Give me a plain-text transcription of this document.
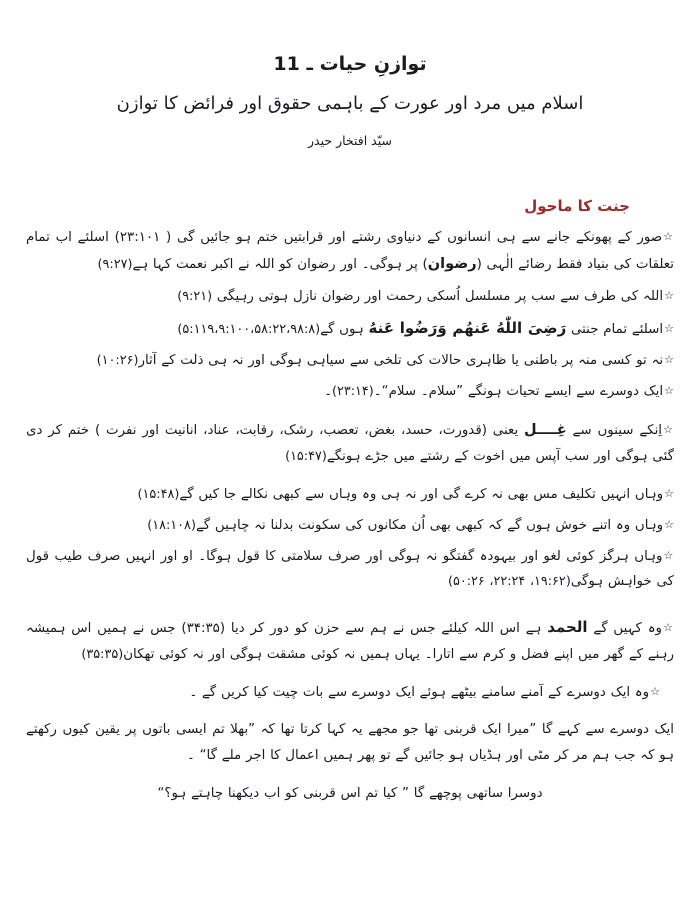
توازنِ حیات ـ 11
اسلام میں مرد اور عورت کے باہمی حقوق اور فرائض کا توازن
سیّد افتخار حیدر
جنت کا ماحول

☆صور کے پھونکے جانے سے ہی انسانوں کے دنیاوی رشتے اور قرابتیں ختم ہو جائیں گی ( ۲۳:۱۰۱) اسلئے اب تمام تعلقات کی بنیاد فقط رضائے الٰہی (رضوان) پر ہوگی۔ اور رضوان کو اللہ نے اکبر نعمت کہا ہے(۹:۲۷)

☆اللہ کی طرف سے سب پر مسلسل اُسکی رحمت اور رضوان نازل ہوتی رہیگی (۹:۲۱)

☆اسلئے تمام جنتی رَضِیَ اللّٰهُ عَنهُم وَرَضُوا عَنهُ ہوں گے(۵:۱۱۹،۹:۱۰۰،۵۸:۲۲،۹۸:۸)

☆نہ تو کسی منہ پر باطنی یا ظاہری حالات کی تلخی سے سیاہی ہوگی اور نہ ہی ذلت کے آثار(۱۰:۲۶)

☆ایک دوسرے سے ایسے تحیات ہونگے ”سلام۔ سلام“۔(۲۳:۱۴)۔

☆اِنکے سینوں سے غِــــل یعنی (قدورت، حسد، بغض، تعصب، رشک، رقابت، عناد، انانیت اور نفرت ) ختم کر دی گئی ہوگی اور سب آپس میں اخوت کے رشتے میں جڑے ہونگے(۱۵:۴۷)

☆وہاں انہیں تکلیف مس بھی نہ کرے گی اور نہ ہی وہ وہاں سے کبھی نکالے جا کیں گے(۱۵:۴۸)

☆وہاں وہ اتنے خوش ہوں گے کہ کبھی بھی اُن مکانوں کی سکونت بدلنا نہ چاہیں گے(۱۸:۱۰۸)

☆وہاں ہرگز کوئی لغو اور بیہودہ گفتگو نہ ہوگی اور صرف سلامتی کا قول ہوگا۔ او اور انہیں صرف طیب قول کی خواہش ہوگی(۱۹:۶۲، ۲۲:۲۴، ۵۰:۲۶)

☆وہ کہیں گے الحمد ہے اس اللہ کیلئے جس نے ہم سے حزن کو دور کر دیا (۳۴:۳۵) جس نے ہمیں اس ہمیشہ رہنے کے گھر میں اپنے فضل و کرم سے اتارا۔ یہاں ہمیں نہ کوئی مشقت ہوگی اور نہ کوئی تھکان(۳۵:۳۵)

☆وہ ایک دوسرے کے آمنے سامنے بیٹھے ہوئے ایک دوسرے سے بات چیت کیا کریں گے ۔

ایک دوسرے سے کہے گا ”میرا ایک قربنی تھا جو مجھے یہ کہا کرتا تھا کہ ”بھلا تم ایسی باتوں پر یقین کیوں رکھتے ہو کہ جب ہم مر کر مٹی اور ہڈیاں ہو جائیں گے تو پھر ہمیں اعمال کا اجر ملے گا“ ۔

دوسرا ساتھی پوچھے گا ” کیا تم اس قربنی کو اب دیکھنا چاہتے ہو؟“
